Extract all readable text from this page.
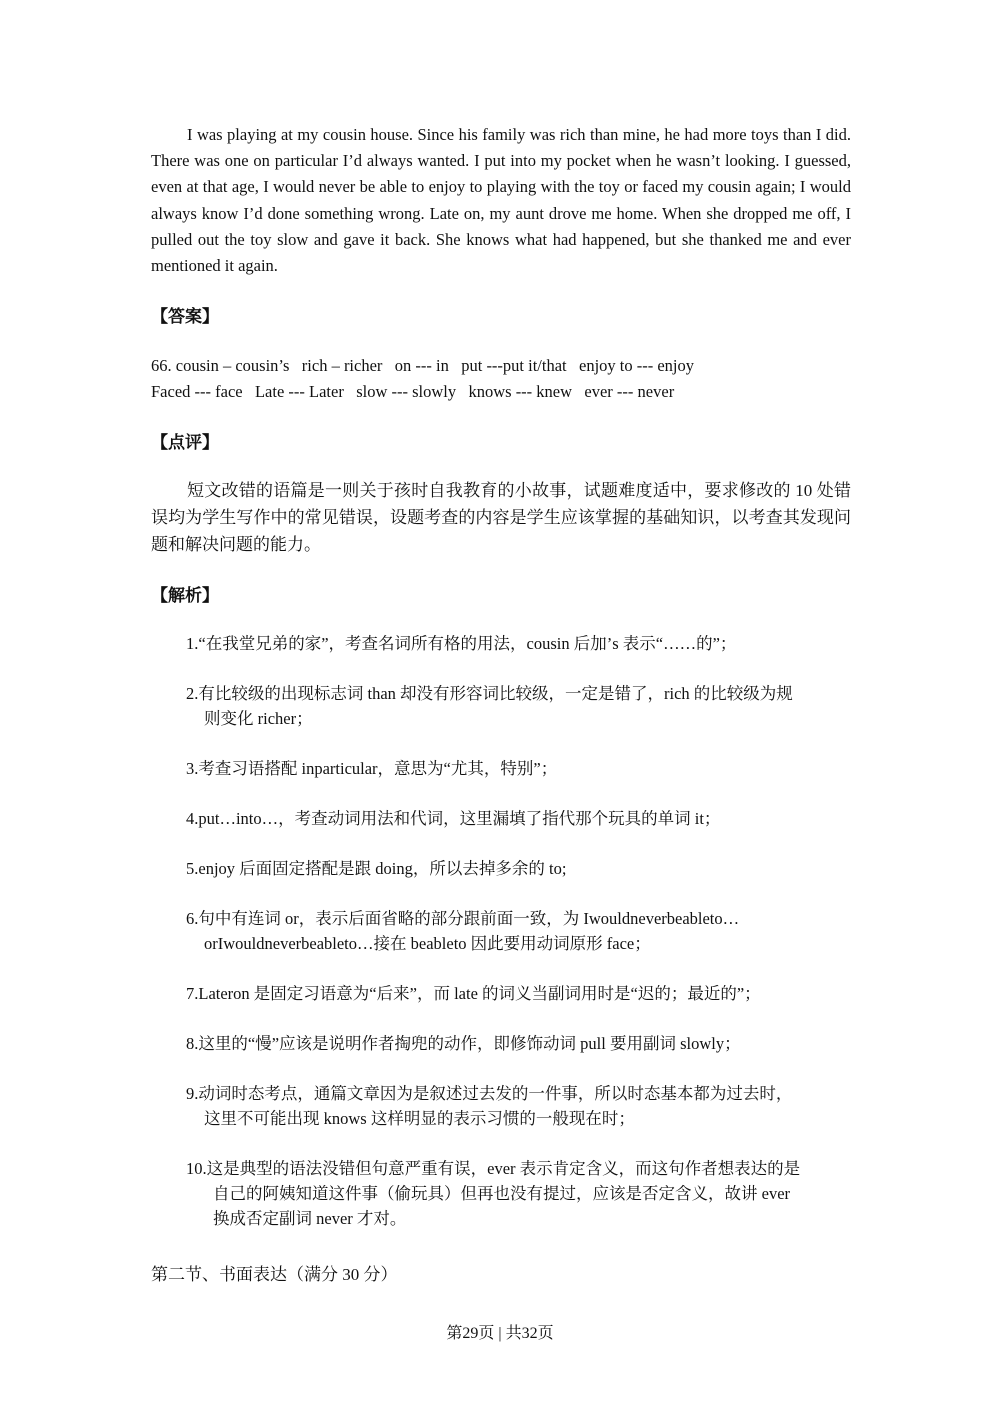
I was playing at my cousin house. Since his family was rich than mine, he had more toys than I did. There was one on particular I’d always wanted. I put into my pocket when he wasn’t looking. I guessed, even at that age, I would never be able to enjoy to playing with the toy or faced my cousin again; I would always know I’d done something wrong. Late on, my aunt drove me home. When she dropped me off, I pulled out the toy slow and gave it back. She knows what had happened, but she thanked me and ever mentioned it again.

【答案】

66. cousin – cousin’s   rich – richer   on --- in   put ---put it/that   enjoy to --- enjoy

Faced --- face   Late --- Later   slow --- slowly   knows --- knew   ever --- never

【点评】

短文改错的语篇是一则关于孩时自我教育的小故事，试题难度适中，要求修改的 10 处错误均为学生写作中的常见错误，设题考查的内容是学生应该掌握的基础知识，以考查其发现问题和解决问题的能力。

【解析】

1.“在我堂兄弟的家”，考查名词所有格的用法，cousin 后加’s 表示“……的”；
2.有比较级的出现标志词 than 却没有形容词比较级，一定是错了，rich 的比较级为规
则变化 richer；
3.考查习语搭配 inparticular，意思为“尤其，特别”；
4.put…into…，考查动词用法和代词，这里漏填了指代那个玩具的单词 it；
5.enjoy 后面固定搭配是跟 doing，所以去掉多余的 to;
6.句中有连词 or，表示后面省略的部分跟前面一致，为 Iwouldneverbeableto…
orIwouldneverbeableto…接在 beableto 因此要用动词原形 face；
7.Lateron 是固定习语意为“后来”，而 late 的词义当副词用时是“迟的；最近的”；
8.这里的“慢”应该是说明作者掏兜的动作，即修饰动词 pull 要用副词 slowly；
9.动词时态考点，通篇文章因为是叙述过去发的一件事，所以时态基本都为过去时，
这里不可能出现 knows 这样明显的表示习惯的一般现在时；
10.这是典型的语法没错但句意严重有误，ever 表示肯定含义，而这句作者想表达的是
自己的阿姨知道这件事（偷玩具）但再也没有提过，应该是否定含义，故讲 ever
换成否定副词 never 才对。

第二节、书面表达（满分 30 分）

第29页 | 共32页
